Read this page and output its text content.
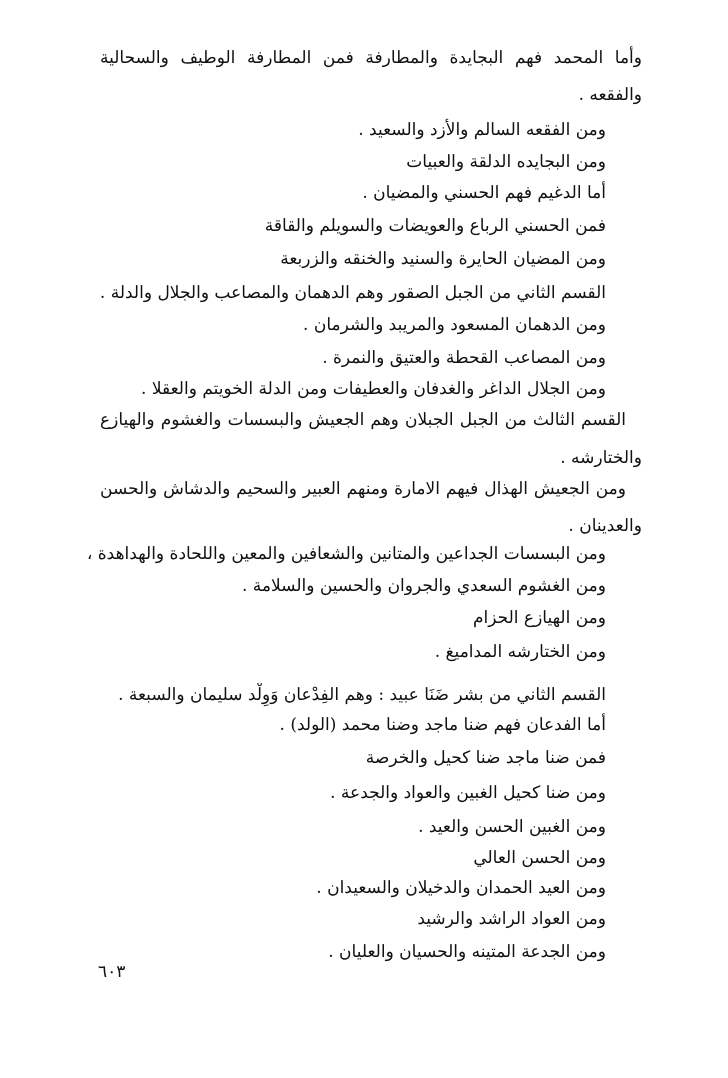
وأما المحمد فهم البجايدة والمطارفة فمن المطارفة الوطيف والسحالية
والفقعه .
ومن الفقعه السالم والأزد والسعيد .
ومن البجايده الدلقة والعبيات
أما الدغيم فهم الحسني والمضيان .
فمن الحسني الرباع والعويضات والسويلم والقاقة
ومن المضيان الحايرة والسنيد والخنقه والزربعة
القسم الثاني من الجبل الصقور وهم الدهمان والمصاعب والجلال والدلة .
ومن الدهمان المسعود والمريبد والشرمان .
ومن المصاعب القحطة والعتيق والنمرة .
ومن الجلال الداغر والغدفان والعطيفات ومن الدلة الخويتم والعقلا .
القسم الثالث من الجبل الجبلان وهم الجعيش والبسسات والغشوم والهيازع
والختارشه .
ومن الجعيش الهذال فيهم الامارة ومنهم العبير والسحيم والدشاش والحسن
والعدينان .
ومن البسسات الجداعين والمتانين والشعافين والمعين واللحادة والهداهدة ،
ومن الغشوم السعدي والجروان والحسين والسلامة .
ومن الهيازع الحزام
ومن الختارشه المداميغ .
القسم الثاني من بشر ضَنَا عبيد : وهم الفِدْعان وَوِلْد سليمان والسبعة .
أما الفدعان فهم ضنا ماجد وضنا محمد (الولد) .
فمن ضنا ماجد ضنا كحيل والخرصة
ومن ضنا كحيل الغبين والعواد والجدعة .
ومن الغبين الحسن والعيد .
ومن الحسن العالي
ومن العيد الحمدان والدخيلان والسعيدان .
ومن العواد الراشد والرشيد
ومن الجدعة المتينه والحسيان والعليان .
٦٠٣
